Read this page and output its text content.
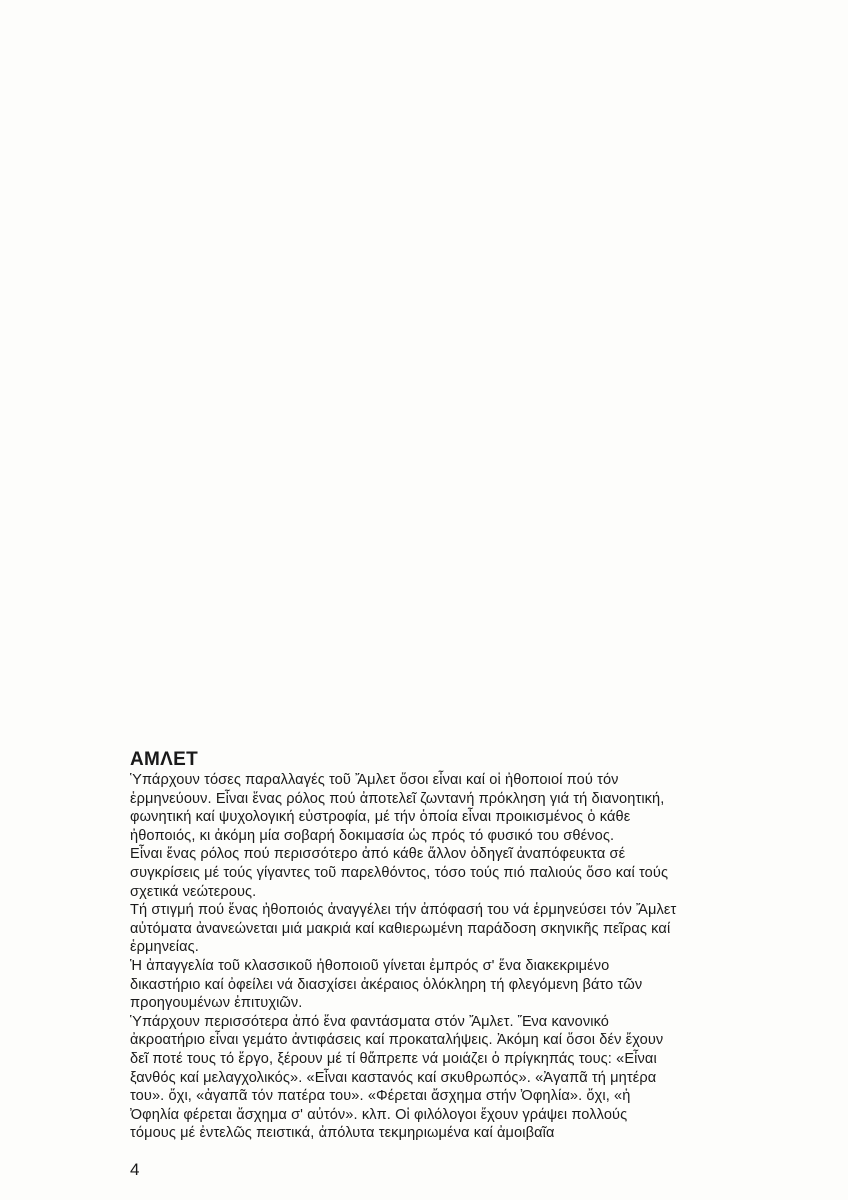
ΑΜΛΕΤ
Ὑπάρχουν τόσες παραλλαγές τοῦ Ἄμλετ ὅσοι εἶναι καί οἱ ἠθοποιοί πού τόν
ἑρμηνεύουν. Εἶναι ἕνας ρόλος πού ἀποτελεῖ ζωντανή πρόκληση γιά τή διανοητική,
φωνητική καί ψυχολογική εὐστροφία, μέ τήν ὁποία εἶναι προικισμένος ὁ κάθε
ἠθοποιός, κι ἀκόμη μία σοβαρή δοκιμασία ὡς πρός τό φυσικό του σθένος.
Εἶναι ἕνας ρόλος πού περισσότερο ἀπό κάθε ἄλλον ὁδηγεῖ ἀναπόφευκτα σέ
συγκρίσεις μέ τούς γίγαντες τοῦ παρελθόντος, τόσο τούς πιό παλιούς ὅσο καί τούς
σχετικά νεώτερους.
Τή στιγμή πού ἕνας ἠθοποιός ἀναγγέλει τήν ἀπόφασή του νά ἑρμηνεύσει τόν Ἄμλετ
αὐτόματα ἀνανεώνεται μιά μακριά καί καθιερωμένη παράδοση σκηνικῆς πεῖρας καί
ἑρμηνείας.
Ἡ ἀπαγγελία τοῦ κλασσικοῦ ἠθοποιοῦ γίνεται ἐμπρός σ' ἕνα διακεκριμένο
δικαστήριο καί ὀφείλει νά διασχίσει ἀκέραιος ὁλόκληρη τή φλεγόμενη βάτο τῶν
προηγουμένων ἐπιτυχιῶν.
Ὑπάρχουν περισσότερα ἀπό ἕνα φαντάσματα στόν Ἄμλετ. Ἕνα κανονικό
ἀκροατήριο εἶναι γεμάτο ἀντιφάσεις καί προκαταλήψεις. Ἀκόμη καί ὅσοι δέν ἔχουν
δεῖ ποτέ τους τό ἔργο, ξέρουν μέ τί θἄπρεπε νά μοιάζει ὁ πρίγκηπάς τους: «Εἶναι
ξανθός καί μελαγχολικός». «Εἶναι καστανός καί σκυθρωπός». «Ἀγαπᾶ τή μητέρα
του». ὄχι, «ἀγαπᾶ τόν πατέρα του». «Φέρεται ἄσχημα στήν Ὀφηλία». ὄχι, «ἡ
Ὀφηλία φέρεται ἄσχημα σ' αὐτόν». κλπ. Οἱ φιλόλογοι ἔχουν γράψει πολλούς
τόμους μέ ἐντελῶς πειστικά, ἀπόλυτα τεκμηριωμένα καί ἀμοιβαῖα
4
